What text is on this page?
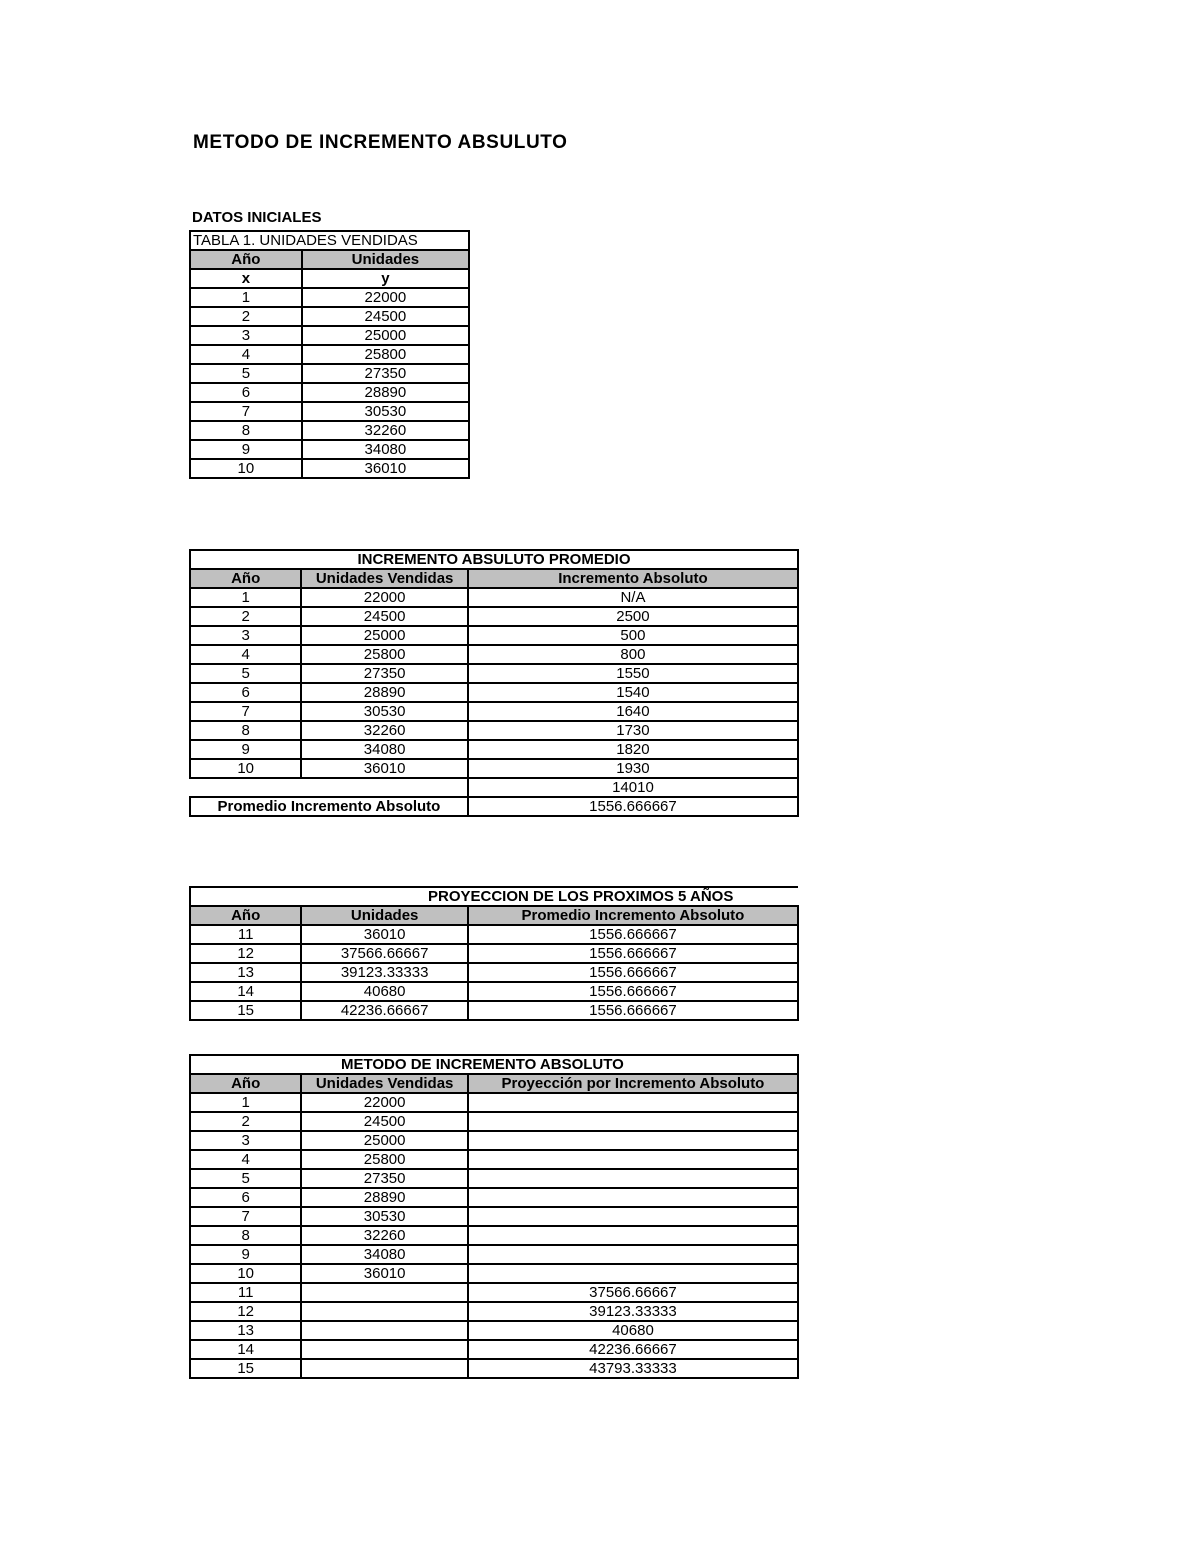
METODO DE INCREMENTO ABSULUTO
DATOS INICIALES
TABLA 1. UNIDADES VENDIDAS	
Año	Unidades
x	y
1	22000
2	24500
3	25000
4	25800
5	27350
6	28890
7	30530
8	32260
9	34080
10	36010
INCREMENTO ABSULUTO PROMEDIO		
Año	Unidades Vendidas	Incremento Absoluto
1	22000	N/A
2	24500	2500
3	25000	500
4	25800	800
5	27350	1550
6	28890	1540
7	30530	1640
8	32260	1730
9	34080	1820
10	36010	1930
		14010
Promedio Incremento Absoluto		1556.666667
PROYECCION DE LOS PROXIMOS 5 AÑOS		
Año	Unidades	Promedio Incremento Absoluto
11	36010	1556.666667
12	37566.66667	1556.666667
13	39123.33333	1556.666667
14	40680	1556.666667
15	42236.66667	1556.666667
METODO DE INCREMENTO ABSOLUTO		
Año	Unidades Vendidas	Proyección por Incremento Absoluto
1	22000	
2	24500	
3	25000	
4	25800	
5	27350	
6	28890	
7	30530	
8	32260	
9	34080	
10	36010	
11		37566.66667
12		39123.33333
13		40680
14		42236.66667
15		43793.33333
